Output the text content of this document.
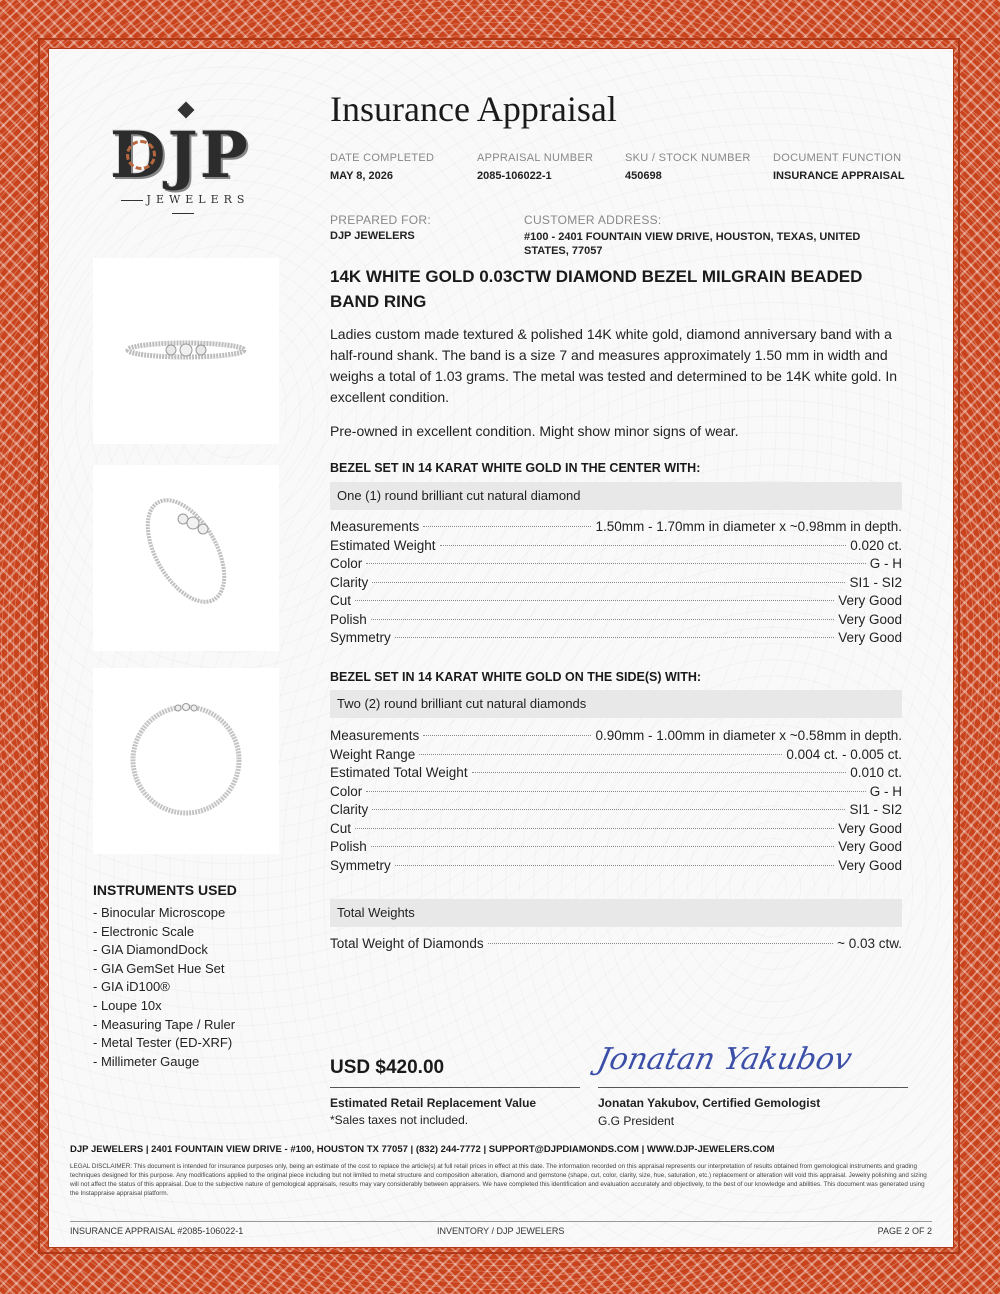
DJP
JEWELERS
Insurance Appraisal
DATE COMPLETED
MAY 8, 2026
APPRAISAL NUMBER
2085-106022-1
SKU / STOCK NUMBER
450698
DOCUMENT FUNCTION
INSURANCE APPRAISAL
PREPARED FOR:
DJP JEWELERS
CUSTOMER ADDRESS:
#100 - 2401 FOUNTAIN VIEW DRIVE, HOUSTON, TEXAS, UNITED STATES, 77057
14K WHITE GOLD 0.03CTW DIAMOND BEZEL MILGRAIN BEADED BAND RING
Ladies custom made textured & polished 14K white gold, diamond anniversary band with a half-round shank. The band is a size 7 and measures approximately 1.50 mm in width and weighs a total of 1.03 grams. The metal was tested and determined to be 14K white gold. In excellent condition.
Pre-owned in excellent condition. Might show minor signs of wear.
BEZEL SET IN 14 KARAT WHITE GOLD IN THE CENTER WITH:
One (1) round brilliant cut natural diamond
Measurements	1.50mm - 1.70mm in diameter x ~0.98mm in depth.
Estimated Weight	0.020 ct.
Color	G - H
Clarity	SI1 - SI2
Cut	Very Good
Polish	Very Good
Symmetry	Very Good
BEZEL SET IN 14 KARAT WHITE GOLD ON THE SIDE(S) WITH:
Two (2) round brilliant cut natural diamonds
Measurements	0.90mm - 1.00mm in diameter x ~0.58mm in depth.
Weight Range	0.004 ct. - 0.005 ct.
Estimated Total Weight	0.010 ct.
Color	G - H
Clarity	SI1 - SI2
Cut	Very Good
Polish	Very Good
Symmetry	Very Good
Total Weights
Total Weight of Diamonds	~ 0.03 ctw.
INSTRUMENTS USED
- Binocular Microscope
- Electronic Scale
- GIA DiamondDock
- GIA GemSet Hue Set
- GIA iD100®
- Loupe 10x
- Measuring Tape / Ruler
- Metal Tester (ED-XRF)
- Millimeter Gauge	USD $420.00
Estimated Retail Replacement Value
*Sales taxes not included.
Jonatan Yakubov
Jonatan Yakubov, Certified Gemologist
G.G President
DJP JEWELERS | 2401 FOUNTAIN VIEW DRIVE - #100, HOUSTON TX 77057 | (832) 244-7772 | SUPPORT@DJPDIAMONDS.COM | WWW.DJP-JEWELERS.COM
LEGAL DISCLAIMER: This document is intended for insurance purposes only, being an estimate of the cost to replace the article(s) at full retail prices in effect at this date. The information recorded on this appraisal represents our interpretation of results obtained from gemological instruments and grading techniques designed for this purpose. Any modifications applied to the original piece including but not limited to metal structure and composition alteration, diamond and gemstone (shape, cut, color, clarity, size, hue, saturation, etc.) replacement or alteration will void this appraisal. Jewelry polishing and sizing will not affect the status of this appraisal. Due to the subjective nature of gemological appraisals, results may vary considerably between appraisers. We have completed this identification and evaluation accurately and objectively, to the best of our knowledge and abilities. This document was generated using the Instappraise appraisal platform.
INSURANCE APPRAISAL #2085-106022-1	INVENTORY / DJP JEWELERS	PAGE 2 OF 2
